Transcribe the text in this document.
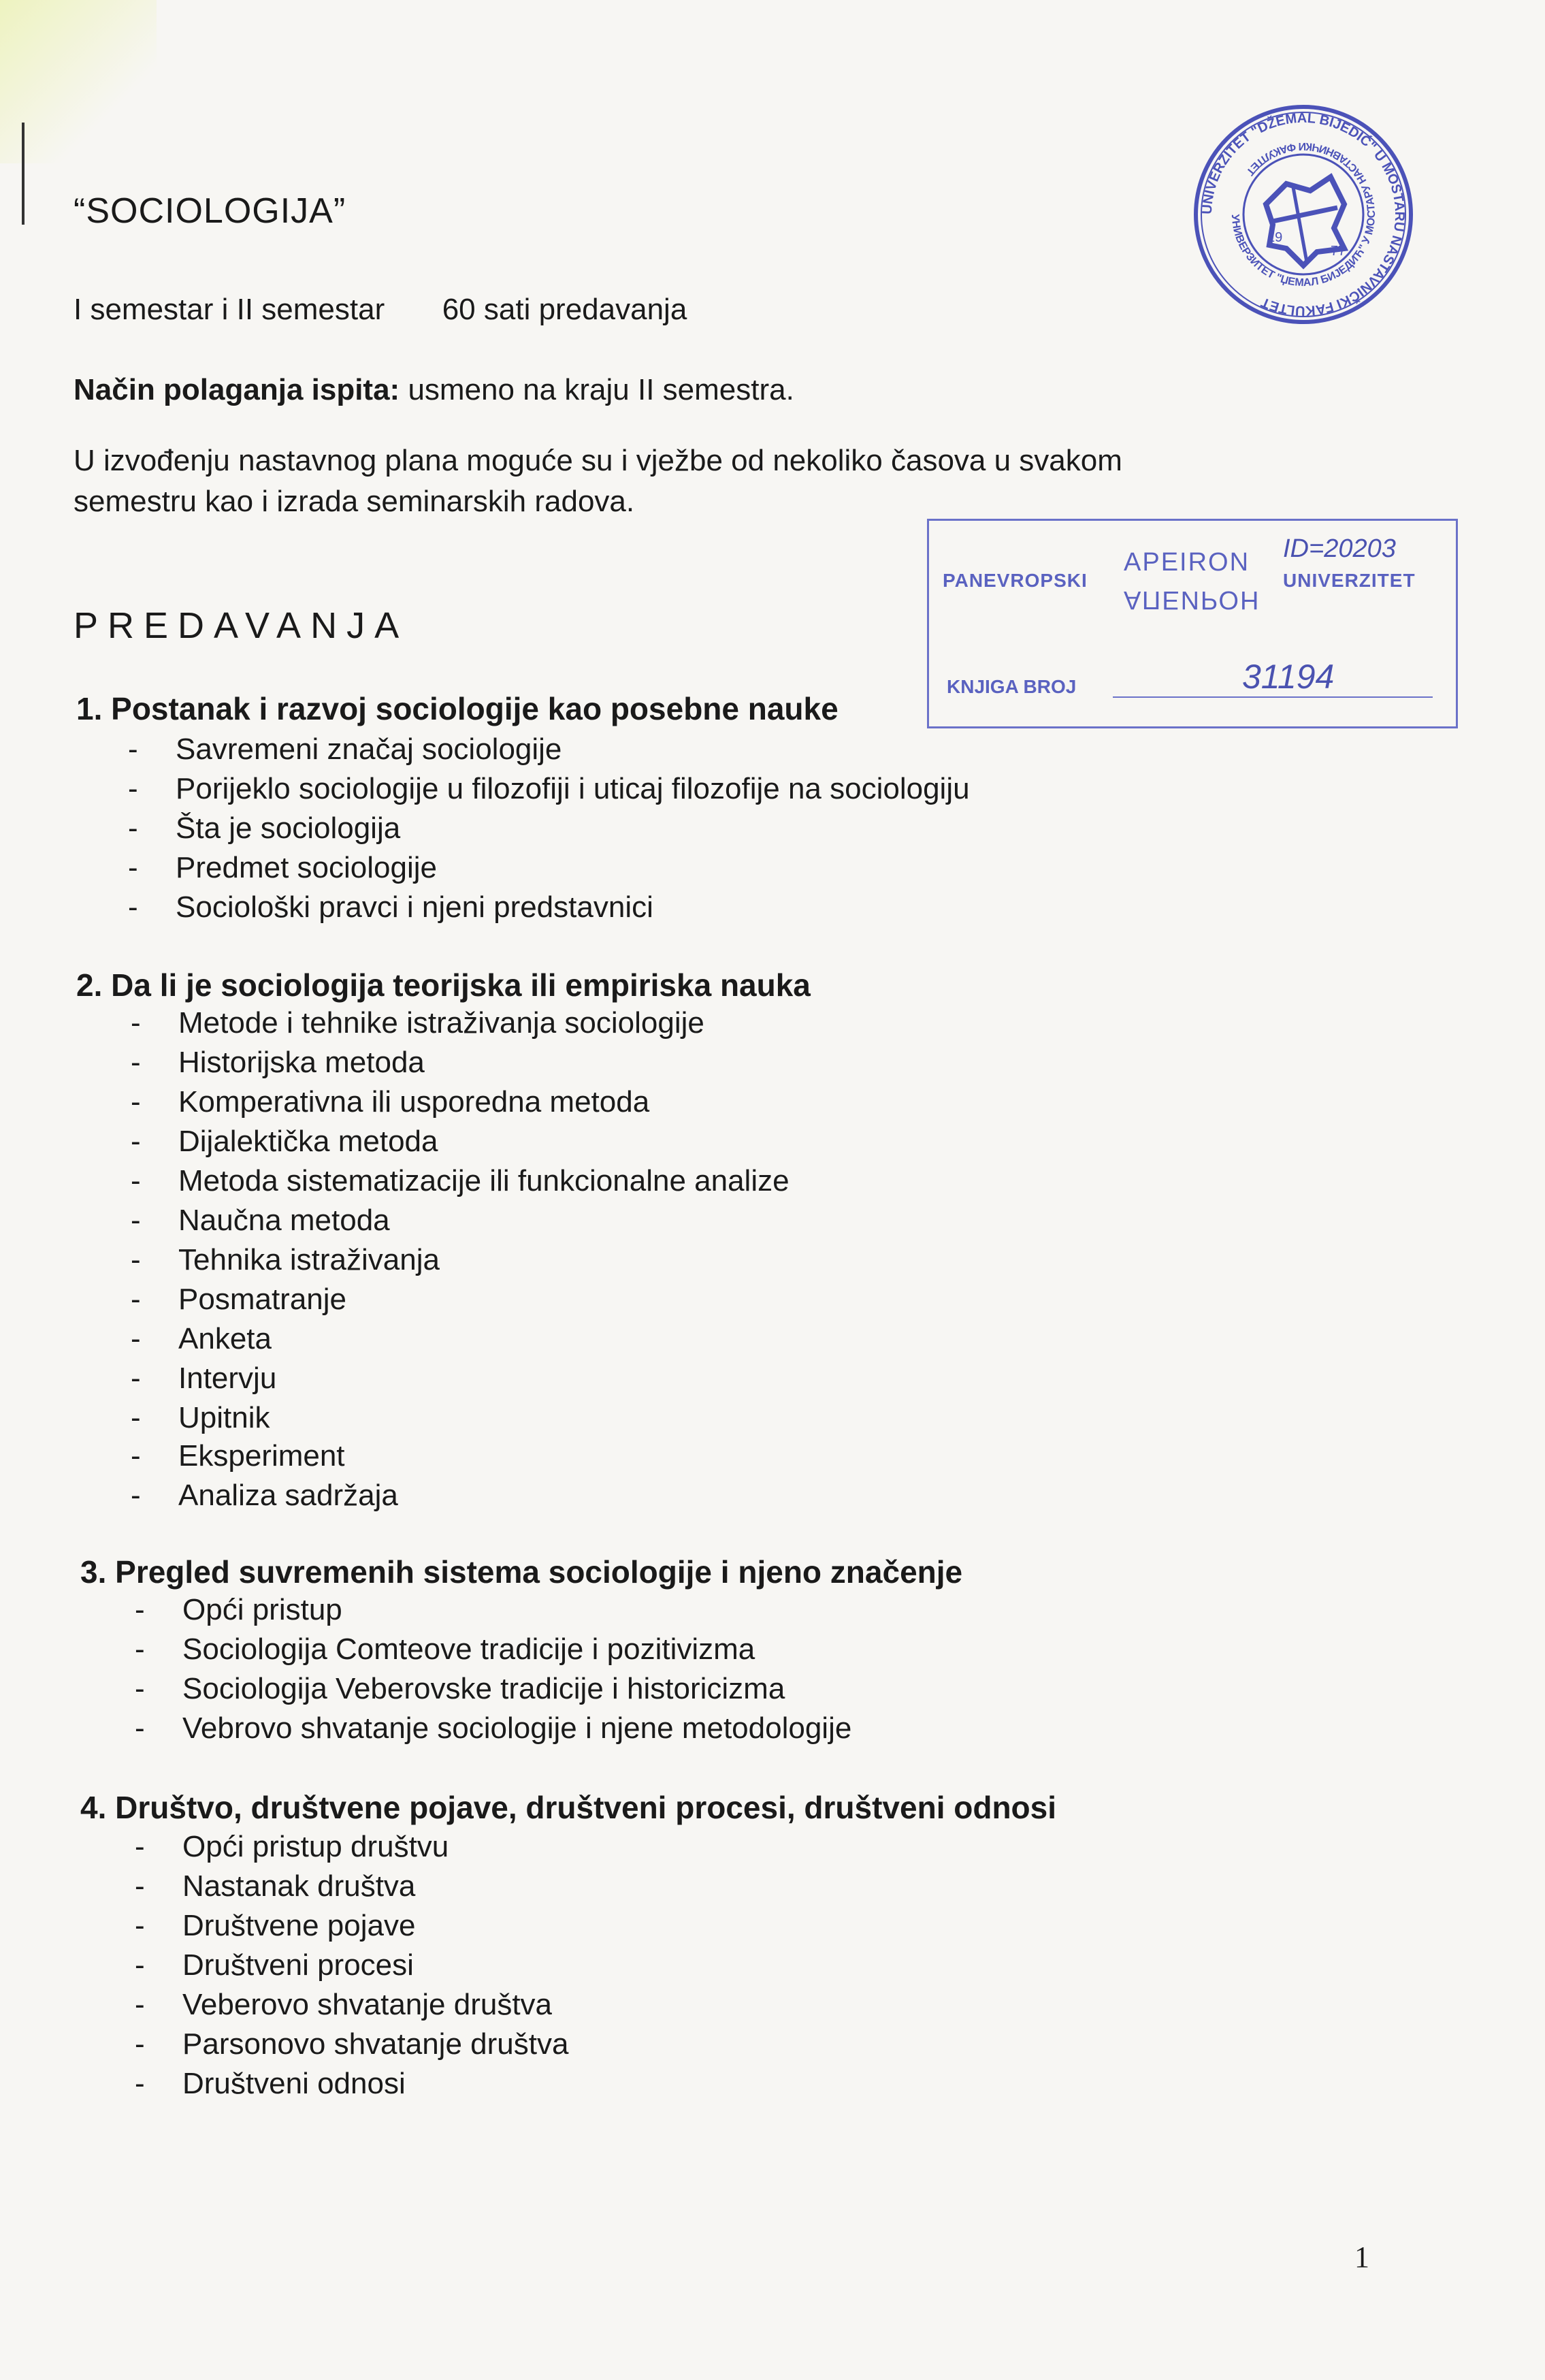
“SOCIOLOGIJA”
I semestar i II semestar 60 sati predavanja
Način polaganja ispita: usmeno na kraju II semestra.
U izvođenju nastavnog plana moguće su i vježbe od nekoliko časova u svakom
semestru kao i izrada seminarskih radova.
PREDAVANJA
1. Postanak i razvoj sociologije kao posebne nauke
- Savremeni značaj sociologije
- Porijeklo sociologije u filozofiji i uticaj filozofije na sociologiju
- Šta je sociologija
- Predmet sociologije
- Sociološki pravci i njeni predstavnici
2. Da li je sociologija teorijska ili empiriska nauka
- Metode i tehnike istraživanja sociologije
- Historijska metoda
- Komperativna ili usporedna metoda
- Dijalektička metoda
- Metoda sistematizacije ili funkcionalne analize
- Naučna metoda
- Tehnika istraživanja
- Posmatranje
- Anketa
- Intervju
- Upitnik
- Eksperiment
- Analiza sadržaja
3. Pregled suvremenih sistema sociologije i njeno značenje
- Opći pristup
- Sociologija Comteove tradicije i pozitivizma
- Sociologija Veberovske tradicije i historicizma
- Vebrovo shvatanje sociologije i njene metodologije
4. Društvo, društvene pojave, društveni procesi, društveni odnosi
- Opći pristup društvu
- Nastanak društva
- Društvene pojave
- Društveni procesi
- Veberovo shvatanje društva
- Parsonovo shvatanje društva
- Društveni odnosi
PANEVROPSKI
APEIRON
АПЕИРОН
ID=20203
UNIVERZITET
KNJIGA BROJ	31194
UNIVERZITET "DŽEMAL BIJEDIĆ" U MOSTARU NASTAVNIČKI FAKULTET
УНИВЕРЗИТЕТ "ЏЕМАЛ БИЈЕДИЋ" У МОСТАРУ НАСТАВНИЧКИ ФАКУЛТЕТ
19
77
1
